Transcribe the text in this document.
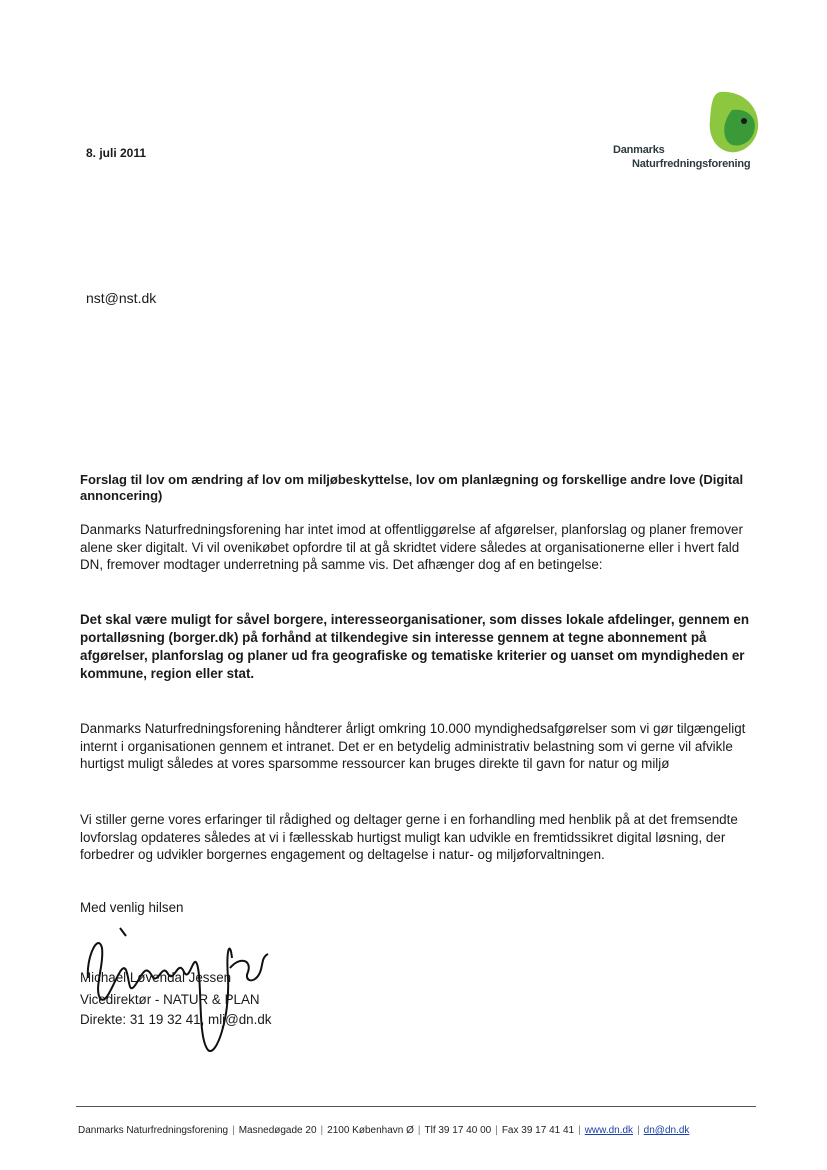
8. juli 2011	Danmarks
Naturfredningsforening
nst@nst.dk
Forslag til lov om ændring af lov om miljøbeskyttelse, lov om planlægning og forskellige andre love (Digital annoncering)
Danmarks Naturfredningsforening har intet imod at offentliggørelse af afgørelser, planforslag og planer fremover alene sker digitalt. Vi vil ovenikøbet opfordre til at gå skridtet videre således at organisationerne eller i hvert fald DN, fremover modtager underretning på samme vis. Det afhænger dog af en betingelse:
Det skal være muligt for såvel borgere, interesseorganisationer, som disses lokale afdelinger, gennem en portalløsning (borger.dk) på forhånd at tilkendegive sin interesse gennem at tegne abonnement på afgørelser, planforslag og planer ud fra geografiske og tematiske kriterier og uanset om myndigheden er kommune, region eller stat.
Danmarks Naturfredningsforening håndterer årligt omkring 10.000 myndighedsafgørelser som vi gør tilgængeligt internt i organisationen gennem et intranet. Det er en betydelig administrativ belastning som vi gerne vil afvikle hurtigst muligt således at vores sparsomme ressourcer kan bruges direkte til gavn for natur og miljø
Vi stiller gerne vores erfaringer til rådighed og deltager gerne i en forhandling med henblik på at det fremsendte lovforslag opdateres således at vi i fællesskab hurtigst muligt kan udvikle en fremtidssikret digital løsning, der forbedrer og udvikler borgernes engagement og deltagelse i natur- og miljøforvaltningen.
Med venlig hilsen
Michael Løvendal Jessen
Vicedirektør - NATUR & PLAN
Direkte: 31 19 32 41, mlj@dn.dk
Danmarks Naturfredningsforening | Masnedøgade 20 | 2100 København Ø | Tlf 39 17 40 00 | Fax 39 17 41 41 | www.dn.dk | dn@dn.dk
